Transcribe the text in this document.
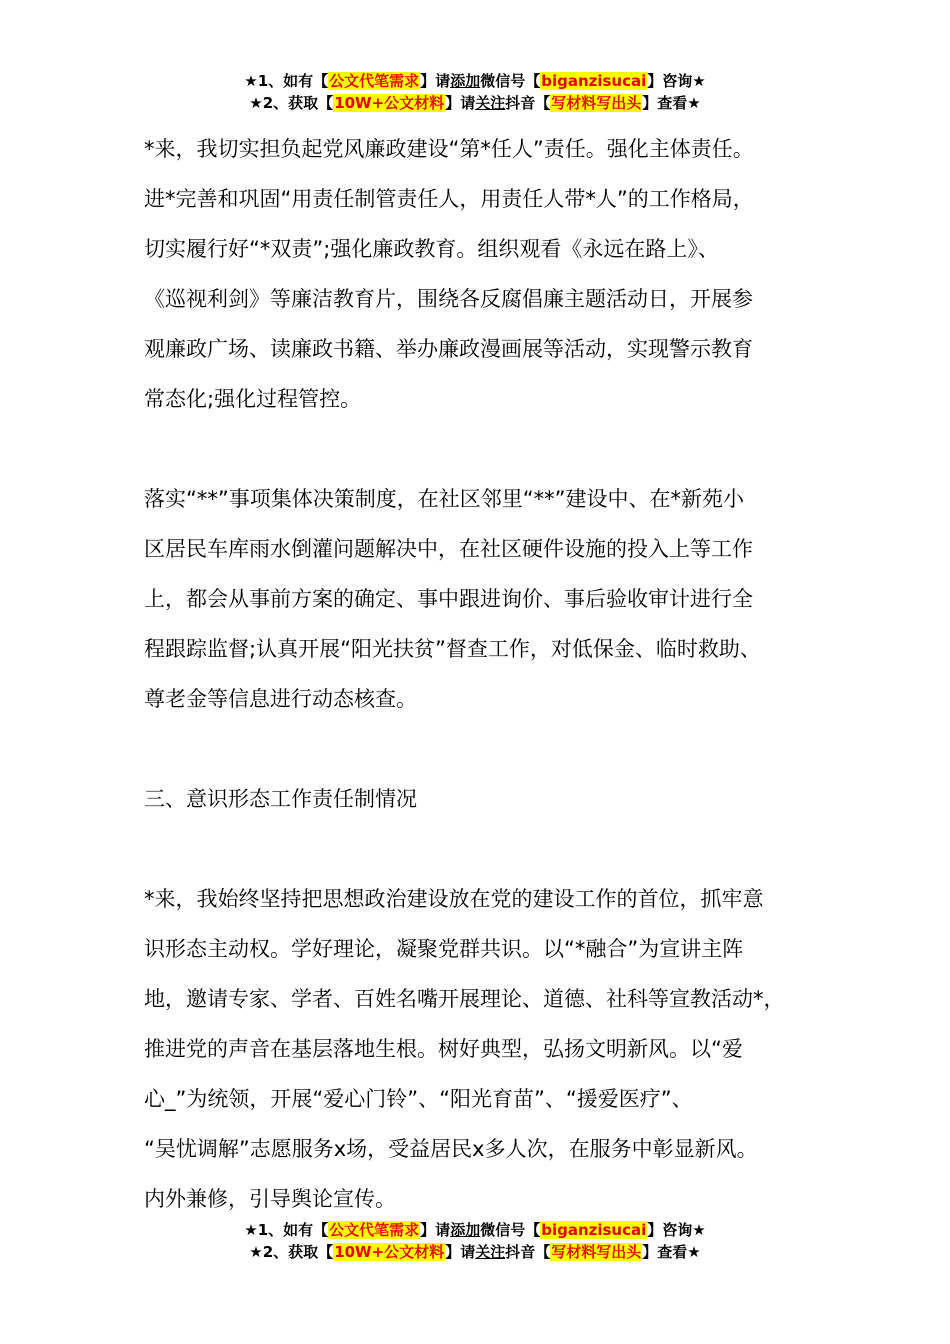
★1、如有【公文代笔需求】请添加微信号【biganzisucai】咨询★
★2、获取【10W+公文材料】请关注抖音【写材料写出头】查看★
*来，我切实担负起党风廉政建设“第*任人”责任。强化主体责任。
进*完善和巩固“用责任制管责任人，用责任人带*人”的工作格局，
切实履行好“*双责”;强化廉政教育。组织观看《永远在路上》、
《巡视利剑》等廉洁教育片，围绕各反腐倡廉主题活动日，开展参
观廉政广场、读廉政书籍、举办廉政漫画展等活动，实现警示教育
常态化;强化过程管控。
落实“**”事项集体决策制度，在社区邻里“**”建设中、在*新苑小
区居民车库雨水倒灌问题解决中，在社区硬件设施的投入上等工作
上，都会从事前方案的确定、事中跟进询价、事后验收审计进行全
程跟踪监督;认真开展“阳光扶贫”督查工作，对低保金、临时救助、
尊老金等信息进行动态核查。
三、意识形态工作责任制情况
*来，我始终坚持把思想政治建设放在党的建设工作的首位，抓牢意
识形态主动权。学好理论，凝聚党群共识。以“*融合”为宣讲主阵
地，邀请专家、学者、百姓名嘴开展理论、道德、社科等宣教活动*，
推进党的声音在基层落地生根。树好典型，弘扬文明新风。以“爱
心_”为统领，开展“爱心门铃”、“阳光育苗”、“援爱医疗”、
“吴忧调解”志愿服务x场，受益居民x多人次，在服务中彰显新风。
内外兼修，引导舆论宣传。
★1、如有【公文代笔需求】请添加微信号【biganzisucai】咨询★
★2、获取【10W+公文材料】请关注抖音【写材料写出头】查看★
